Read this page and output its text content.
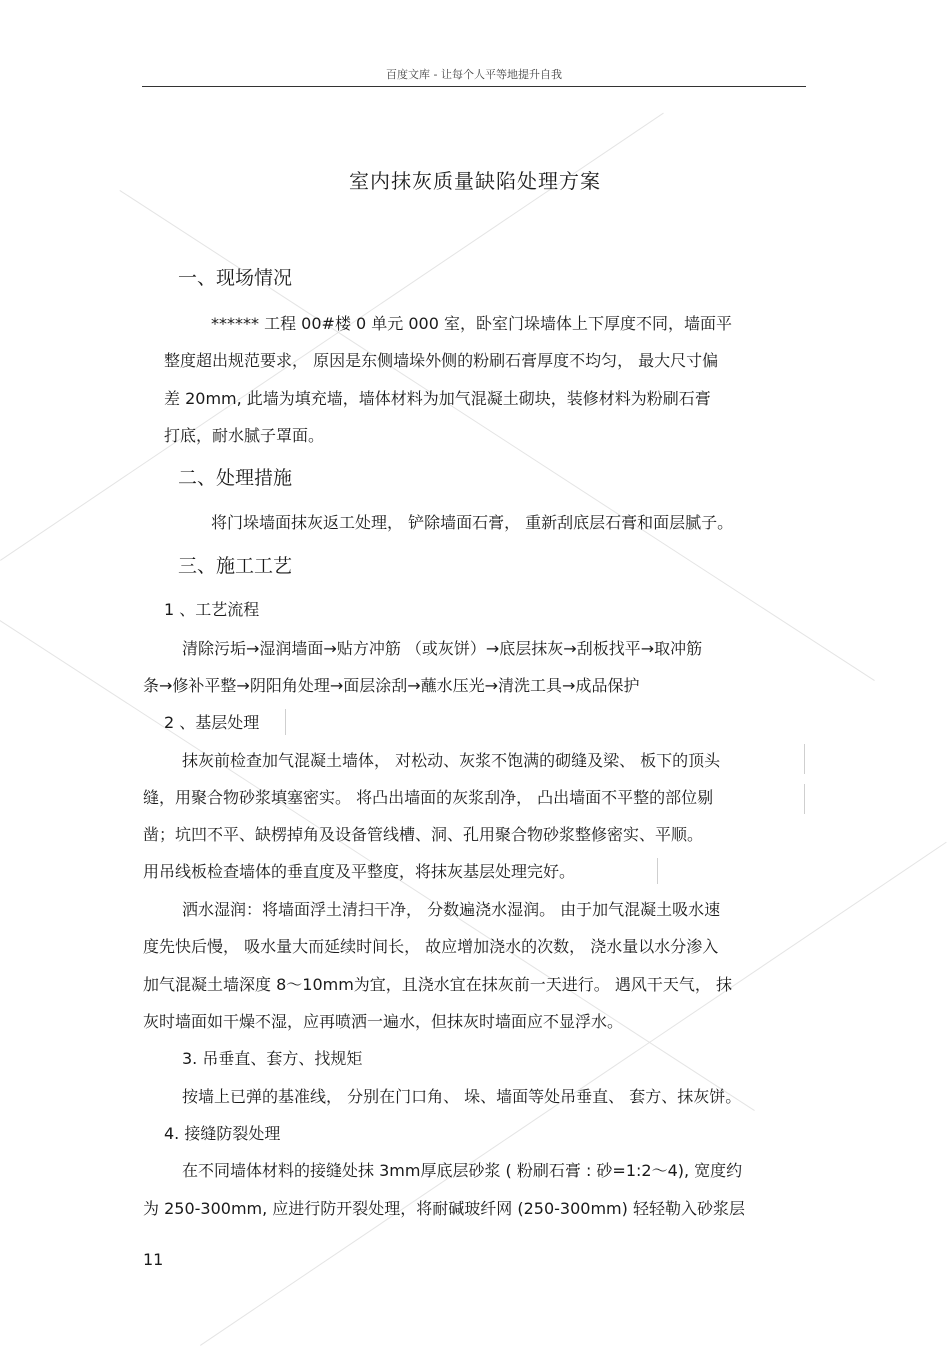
百度文库 - 让每个人平等地提升自我
室内抹灰质量缺陷处理方案
一、现场情况
****** 工程 00#楼 0 单元 000 室，卧室门垛墙体上下厚度不同，墙面平
整度超出规范要求， 原因是东侧墙垛外侧的粉刷石膏厚度不均匀， 最大尺寸偏
差 20mm, 此墙为填充墙，墙体材料为加气混凝土砌块，装修材料为粉刷石膏
打底，耐水腻子罩面。
二、处理措施
将门垛墙面抹灰返工处理， 铲除墙面石膏， 重新刮底层石膏和面层腻子。
三、施工工艺
1 、工艺流程
清除污垢→湿润墙面→贴方冲筋 （或灰饼）→底层抹灰→刮板找平→取冲筋
条→修补平整→阴阳角处理→面层涂刮→蘸水压光→清洗工具→成品保护
2 、基层处理
抹灰前检查加气混凝土墙体， 对松动、灰浆不饱满的砌缝及梁、 板下的顶头
缝，用聚合物砂浆填塞密实。 将凸出墙面的灰浆刮净， 凸出墙面不平整的部位剔
凿；坑凹不平、缺楞掉角及设备管线槽、洞、孔用聚合物砂浆整修密实、平顺。
用吊线板检查墙体的垂直度及平整度，将抹灰基层处理完好。
洒水湿润：将墙面浮土清扫干净， 分数遍浇水湿润。 由于加气混凝土吸水速
度先快后慢， 吸水量大而延续时间长， 故应增加浇水的次数， 浇水量以水分渗入
加气混凝土墙深度 8～10mm为宜，且浇水宜在抹灰前一天进行。 遇风干天气， 抹
灰时墙面如干燥不湿，应再喷洒一遍水，但抹灰时墙面应不显浮水。
3. 吊垂直、套方、找规矩
按墙上已弹的基准线， 分别在门口角、 垛、墙面等处吊垂直、 套方、抹灰饼。
4. 接缝防裂处理
在不同墙体材料的接缝处抹 3mm厚底层砂浆 ( 粉刷石膏 : 砂=1:2～4), 宽度约
为 250-300mm, 应进行防开裂处理，将耐碱玻纤网 (250-300mm) 轻轻勒入砂浆层
11
